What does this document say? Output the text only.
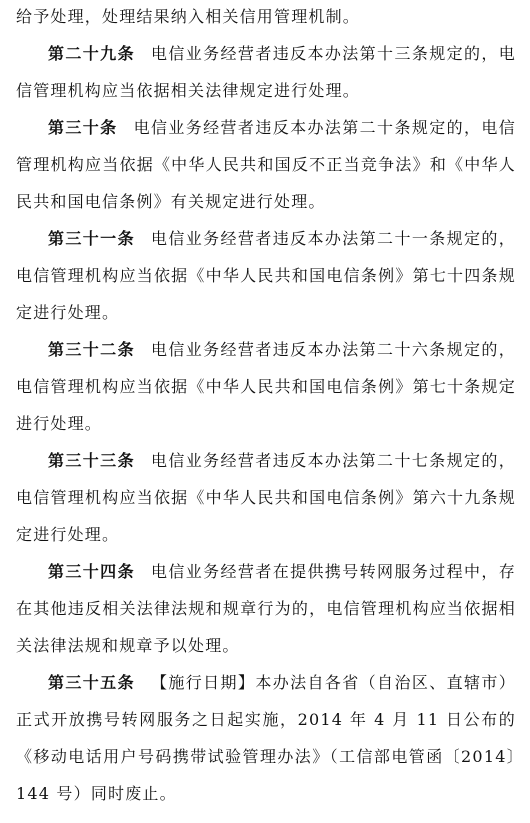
给予处理，处理结果纳入相关信用管理机制。

第二十九条 电信业务经营者违反本办法第十三条规定的，电信管理机构应当依据相关法律规定进行处理。

第三十条 电信业务经营者违反本办法第二十条规定的，电信管理机构应当依据《中华人民共和国反不正当竞争法》和《中华人民共和国电信条例》有关规定进行处理。

第三十一条 电信业务经营者违反本办法第二十一条规定的，电信管理机构应当依据《中华人民共和国电信条例》第七十四条规定进行处理。

第三十二条 电信业务经营者违反本办法第二十六条规定的，电信管理机构应当依据《中华人民共和国电信条例》第七十条规定进行处理。

第三十三条 电信业务经营者违反本办法第二十七条规定的，电信管理机构应当依据《中华人民共和国电信条例》第六十九条规定进行处理。

第三十四条 电信业务经营者在提供携号转网服务过程中，存在其他违反相关法律法规和规章行为的，电信管理机构应当依据相关法律法规和规章予以处理。

第三十五条 【施行日期】本办法自各省（自治区、直辖市）正式开放携号转网服务之日起实施，2014 年 4 月 11 日公布的《移动电话用户号码携带试验管理办法》（工信部电管函〔2014〕144 号）同时废止。
